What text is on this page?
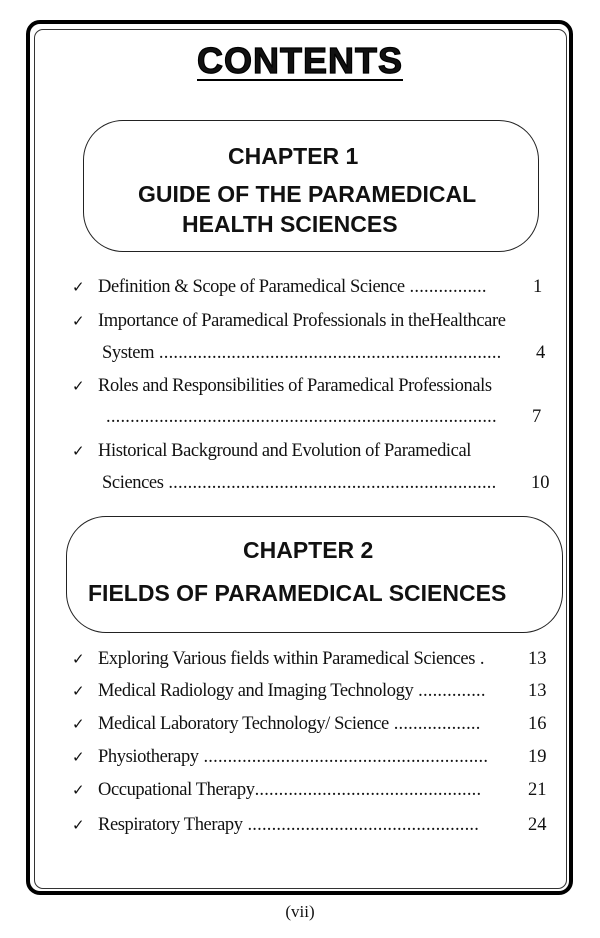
CONTENTS
CHAPTER 1
GUIDE OF THE PARAMEDICAL
HEALTH SCIENCES
✓ Definition & Scope of Paramedical Science ................ 1
✓ Importance of Paramedical Professionals in theHealthcare
System ....................................................................... 4
✓ Roles and Responsibilities of Paramedical Professionals
................................................................................. 7
✓ Historical Background and Evolution of Paramedical
Sciences .................................................................... 10
CHAPTER 2
FIELDS OF PARAMEDICAL SCIENCES
✓ Exploring Various fields within Paramedical Sciences . 13
✓ Medical Radiology and Imaging Technology .............. 13
✓ Medical Laboratory Technology/ Science ..................	16
✓ Physiotherapy ........................................................... 19
✓ Occupational Therapy...............................................	21
✓ Respiratory Therapy ................................................	24
(vii)
